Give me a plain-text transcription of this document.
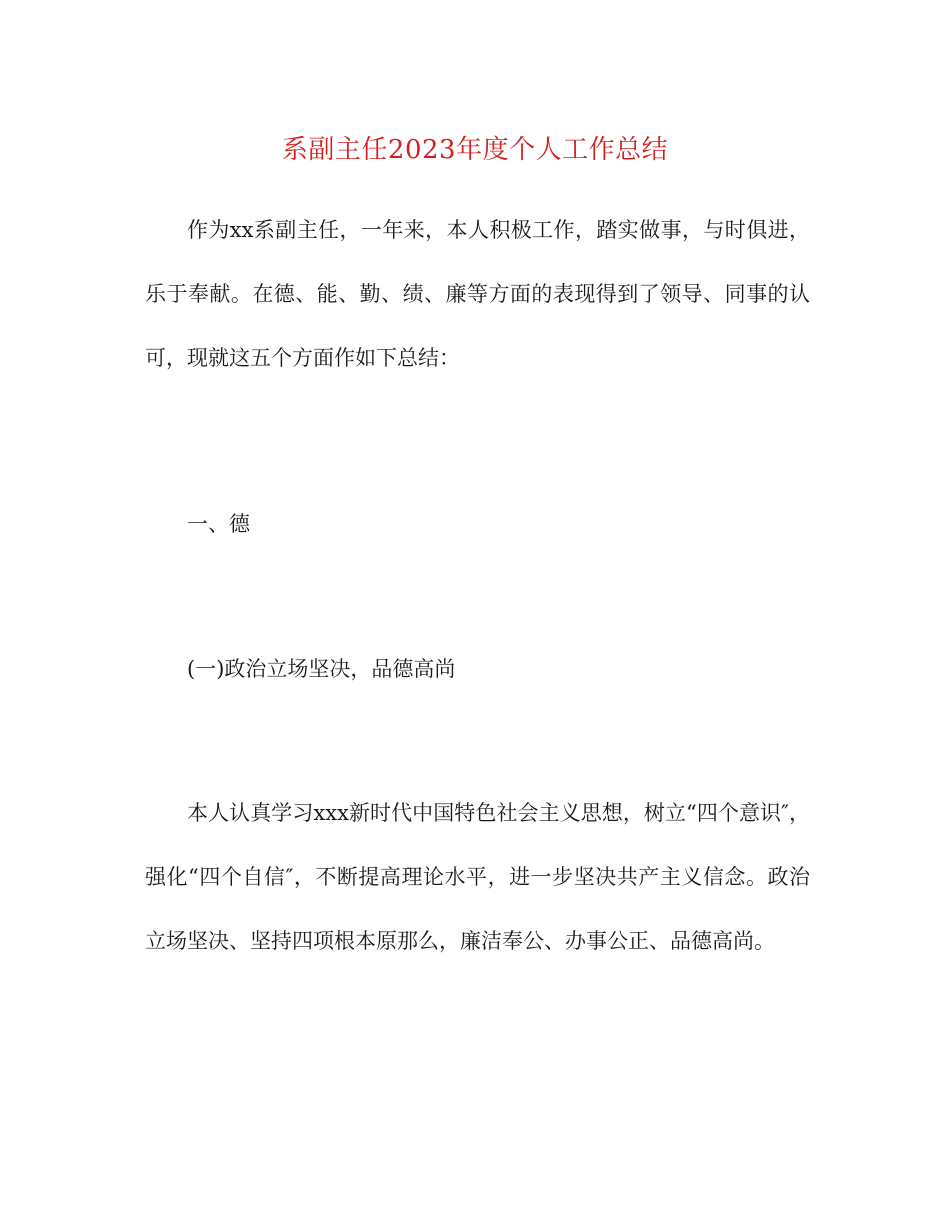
系副主任2023年度个人工作总结
作为xx系副主任，一年来，本人积极工作，踏实做事，与时俱进，乐于奉献。在德、能、勤、绩、廉等方面的表现得到了领导、同事的认可，现就这五个方面作如下总结：
一、德
(一)政治立场坚决，品德高尚
本人认真学习xxx新时代中国特色社会主义思想，树立“四个意识″，强化“四个自信″，不断提高理论水平，进一步坚决共产主义信念。政治立场坚决、坚持四项根本原那么，廉洁奉公、办事公正、品德高尚。
